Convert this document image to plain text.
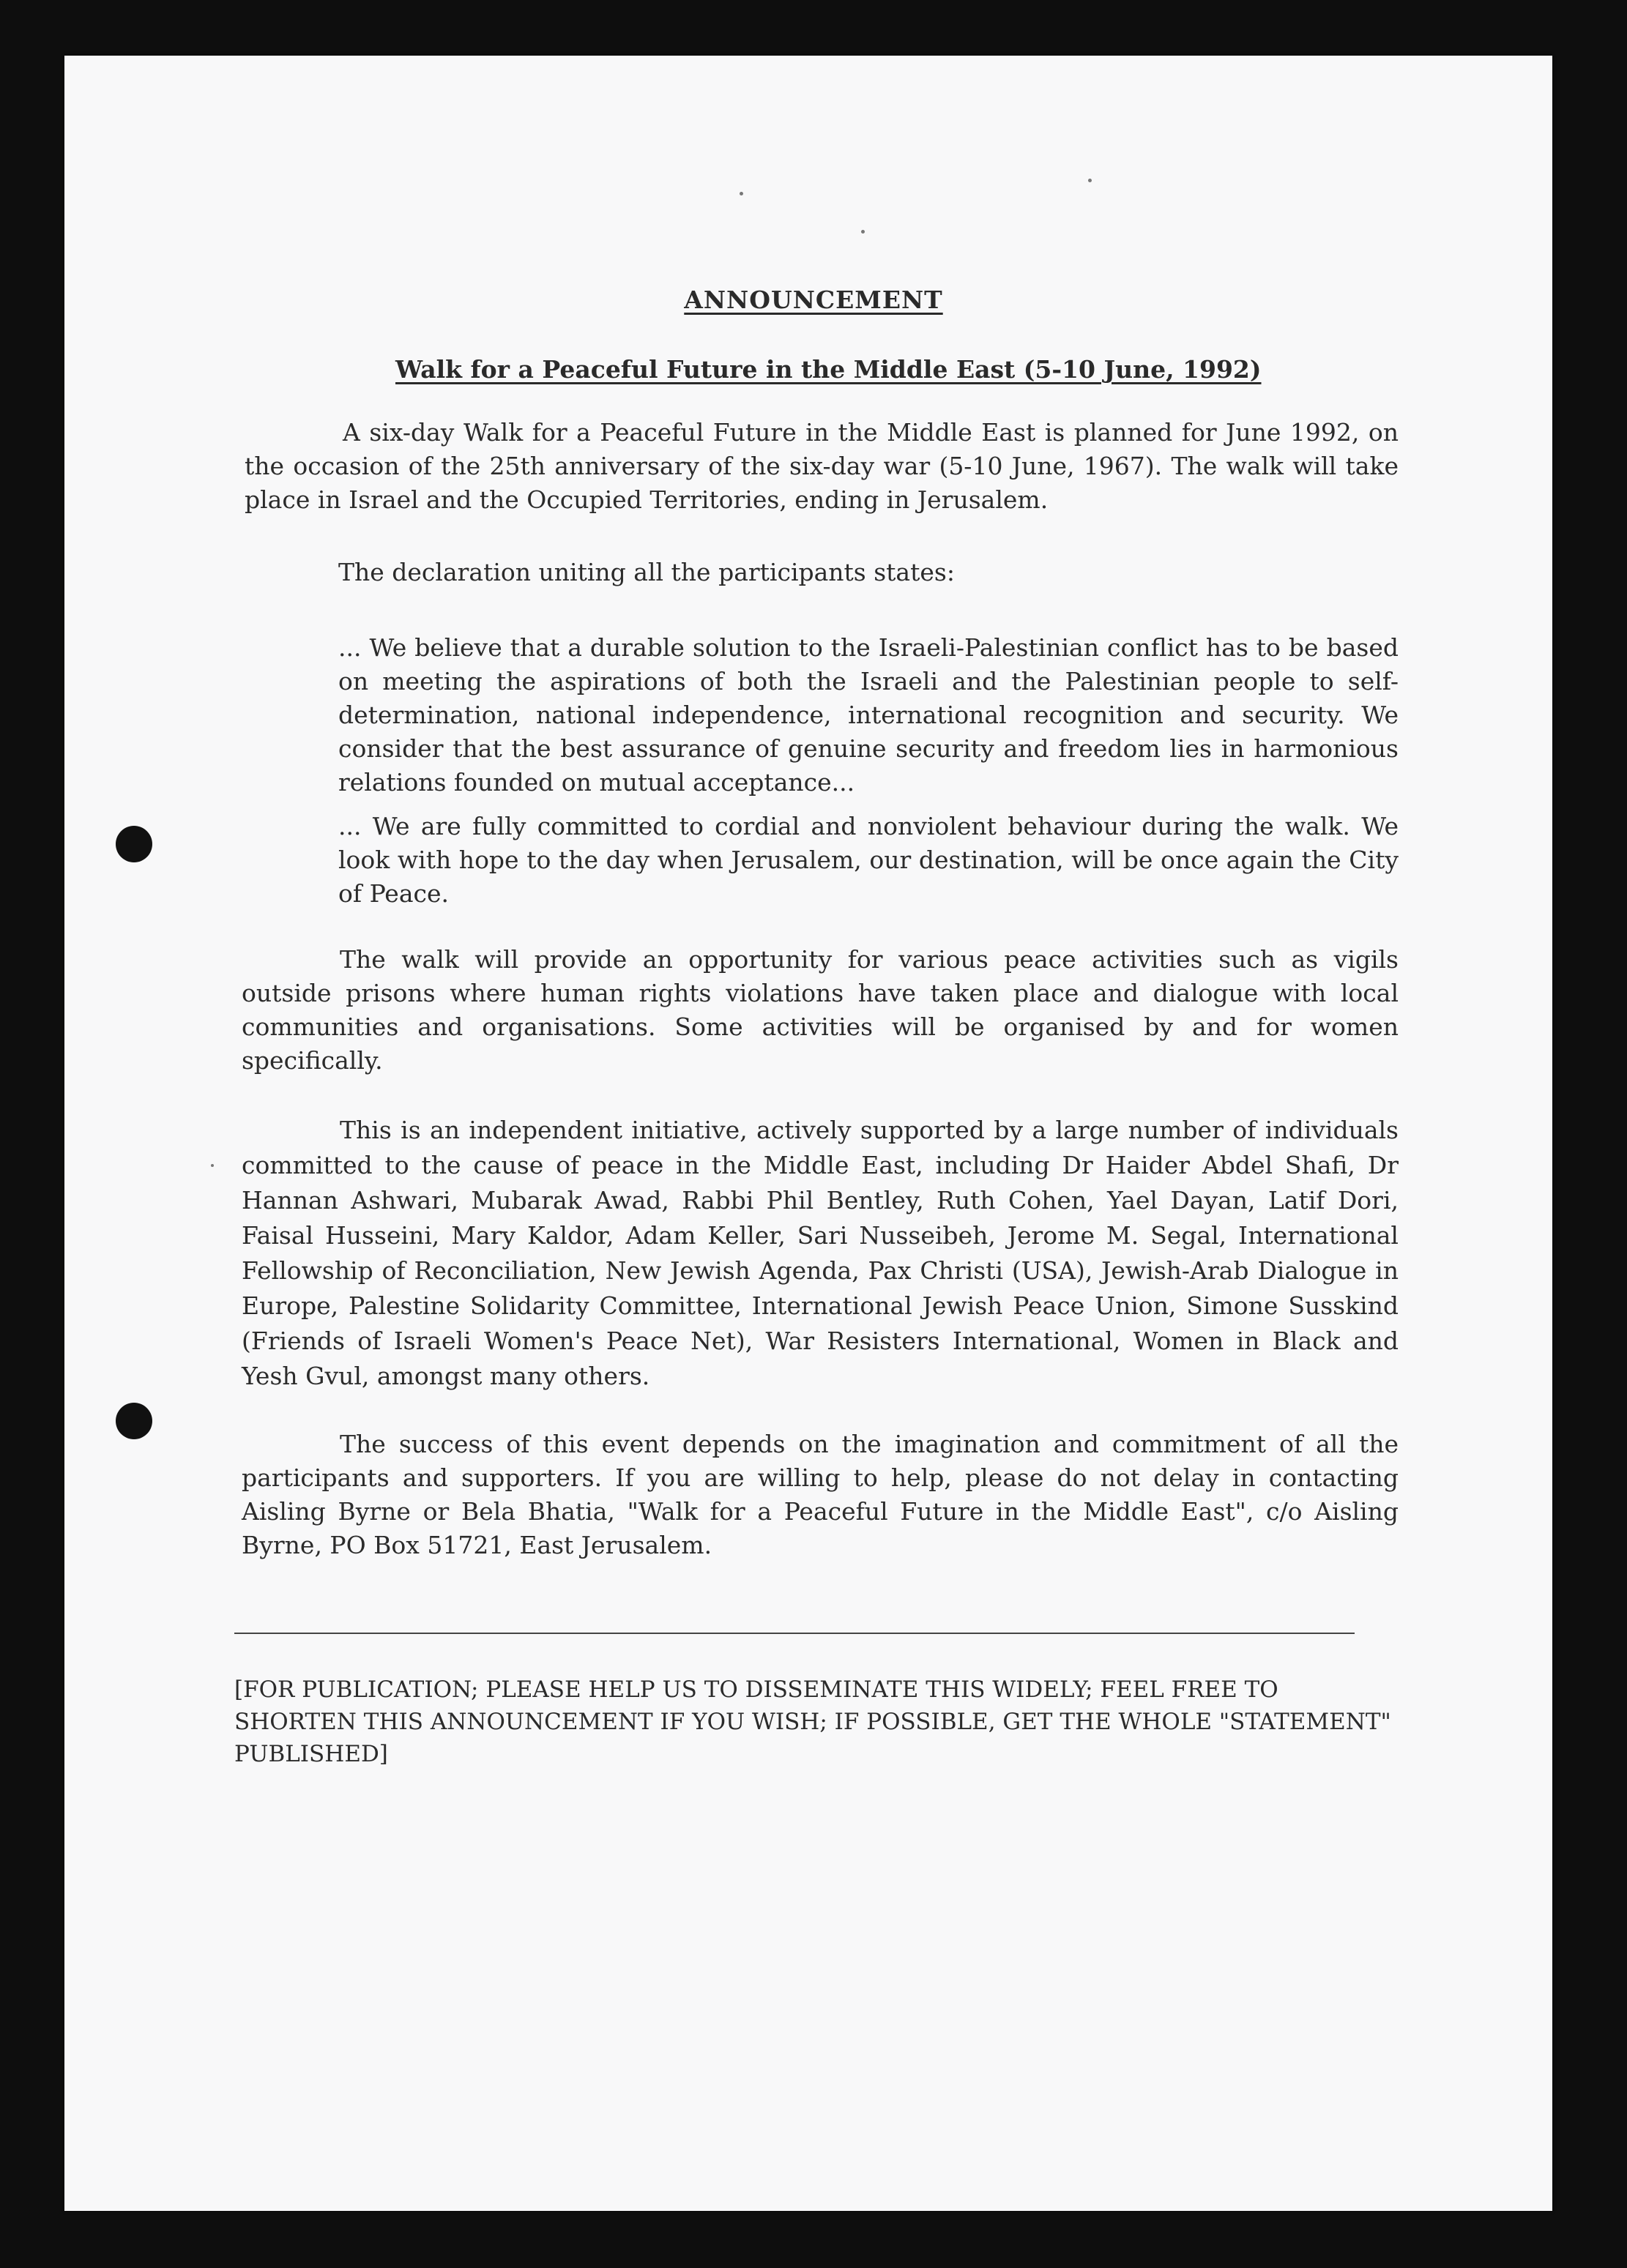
ANNOUNCEMENT
Walk for a Peaceful Future in the Middle East (5-10 June, 1992)

A six-day Walk for a Peaceful Future in the Middle East is planned for June 1992, on the occasion of the 25th anniversary of the six-day war (5-10 June, 1967). The walk will take place in Israel and the Occupied Territories, ending in Jerusalem.

The declaration uniting all the participants states:

... We believe that a durable solution to the Israeli-Palestinian conflict has to be based on meeting the aspirations of both the Israeli and the Palestinian people to self-determination, national independence, international recognition and security. We consider that the best assurance of genuine security and freedom lies in harmonious relations founded on mutual acceptance...

... We are fully committed to cordial and nonviolent behaviour during the walk. We look with hope to the day when Jerusalem, our destination, will be once again the City of Peace.

The walk will provide an opportunity for various peace activities such as vigils outside prisons where human rights violations have taken place and dialogue with local communities and organisations. Some activities will be organised by and for women specifically.

This is an independent initiative, actively supported by a large number of individuals committed to the cause of peace in the Middle East, including Dr Haider Abdel Shafi, Dr Hannan Ashwari, Mubarak Awad, Rabbi Phil Bentley, Ruth Cohen, Yael Dayan, Latif Dori, Faisal Husseini, Mary Kaldor, Adam Keller, Sari Nusseibeh, Jerome M. Segal, International Fellowship of Reconciliation, New Jewish Agenda, Pax Christi (USA), Jewish-Arab Dialogue in Europe, Palestine Solidarity Committee, International Jewish Peace Union, Simone Susskind (Friends of Israeli Women's Peace Net), War Resisters International, Women in Black and Yesh Gvul, amongst many others.

The success of this event depends on the imagination and commitment of all the participants and supporters. If you are willing to help, please do not delay in contacting Aisling Byrne or Bela Bhatia, "Walk for a Peaceful Future in the Middle East", c/o Aisling Byrne, PO Box 51721, East Jerusalem.

[FOR PUBLICATION; PLEASE HELP US TO DISSEMINATE THIS WIDELY; FEEL FREE TO SHORTEN THIS ANNOUNCEMENT IF YOU WISH; IF POSSIBLE, GET THE WHOLE "STATEMENT" PUBLISHED]
